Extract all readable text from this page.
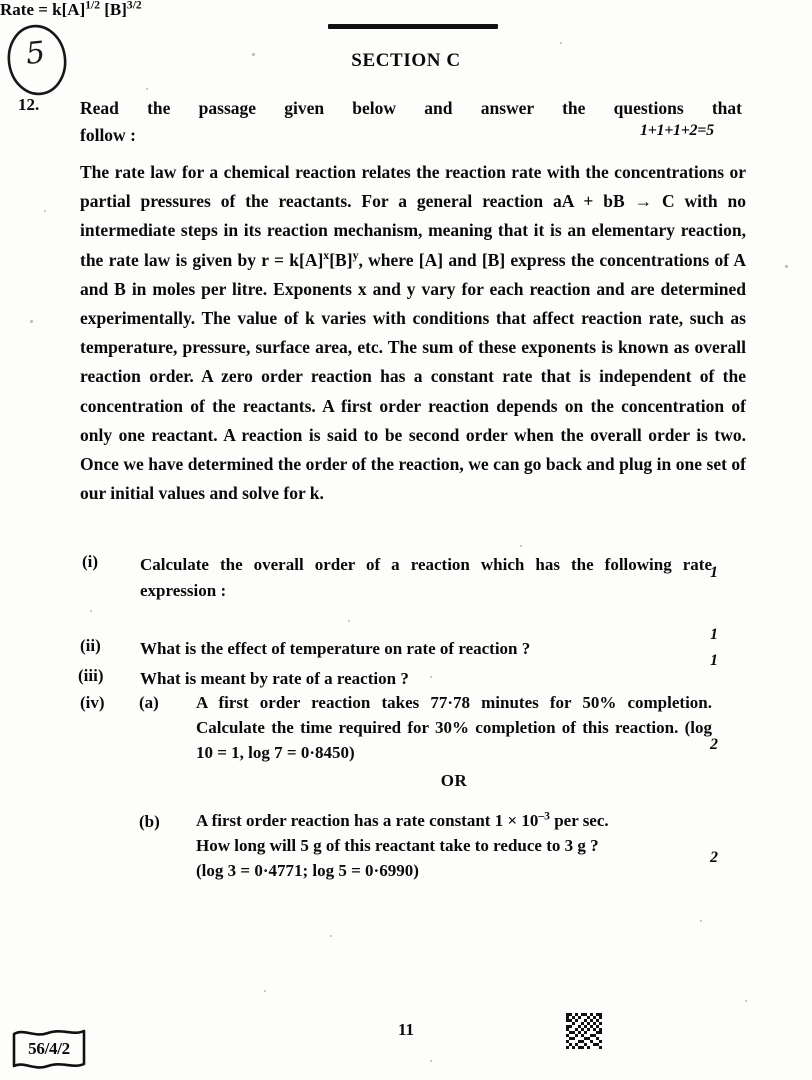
5	SECTION C
12. Read the passage given below and answer the questions that
follow :	1+1+1+2=5

The rate law for a chemical reaction relates the reaction rate with the concentrations or partial pressures of the reactants. For a general reaction aA + bB → C with no intermediate steps in its reaction mechanism, meaning that it is an elementary reaction, the rate law is given by $r = k[A]^x[B]^y$, where [A] and [B] express the concentrations of A and B in moles per litre. Exponents x and y vary for each reaction and are determined experimentally. The value of k varies with conditions that affect reaction rate, such as temperature, pressure, surface area, etc. The sum of these exponents is known as overall reaction order. A zero order reaction has a constant rate that is independent of the concentration of the reactants. A first order reaction depends on the concentration of only one reactant. A reaction is said to be second order when the overall order is two. Once we have determined the order of the reaction, we can go back and plug in one set of our initial values and solve for k.

(i) Calculate the overall order of a reaction which has the following rate expression :
Rate = $k[A]^{1/2}$ $[B]^{3/2}$
1
(ii) What is the effect of temperature on rate of reaction ?
1
(iii) What is meant by rate of a reaction ?
1
(iv) (a) A first order reaction takes 77·78 minutes for 50% completion. Calculate the time required for 30% completion of this reaction. (log 10 = 1, log 7 = 0·8450)	2
OR
(b) A first order reaction has a rate constant $1 \times 10^{-3}$ per sec.
How long will 5 g of this reactant take to reduce to 3 g ?
(log 3 = 0·4771; log 5 = 0·6990)
2
56/4/2
11
